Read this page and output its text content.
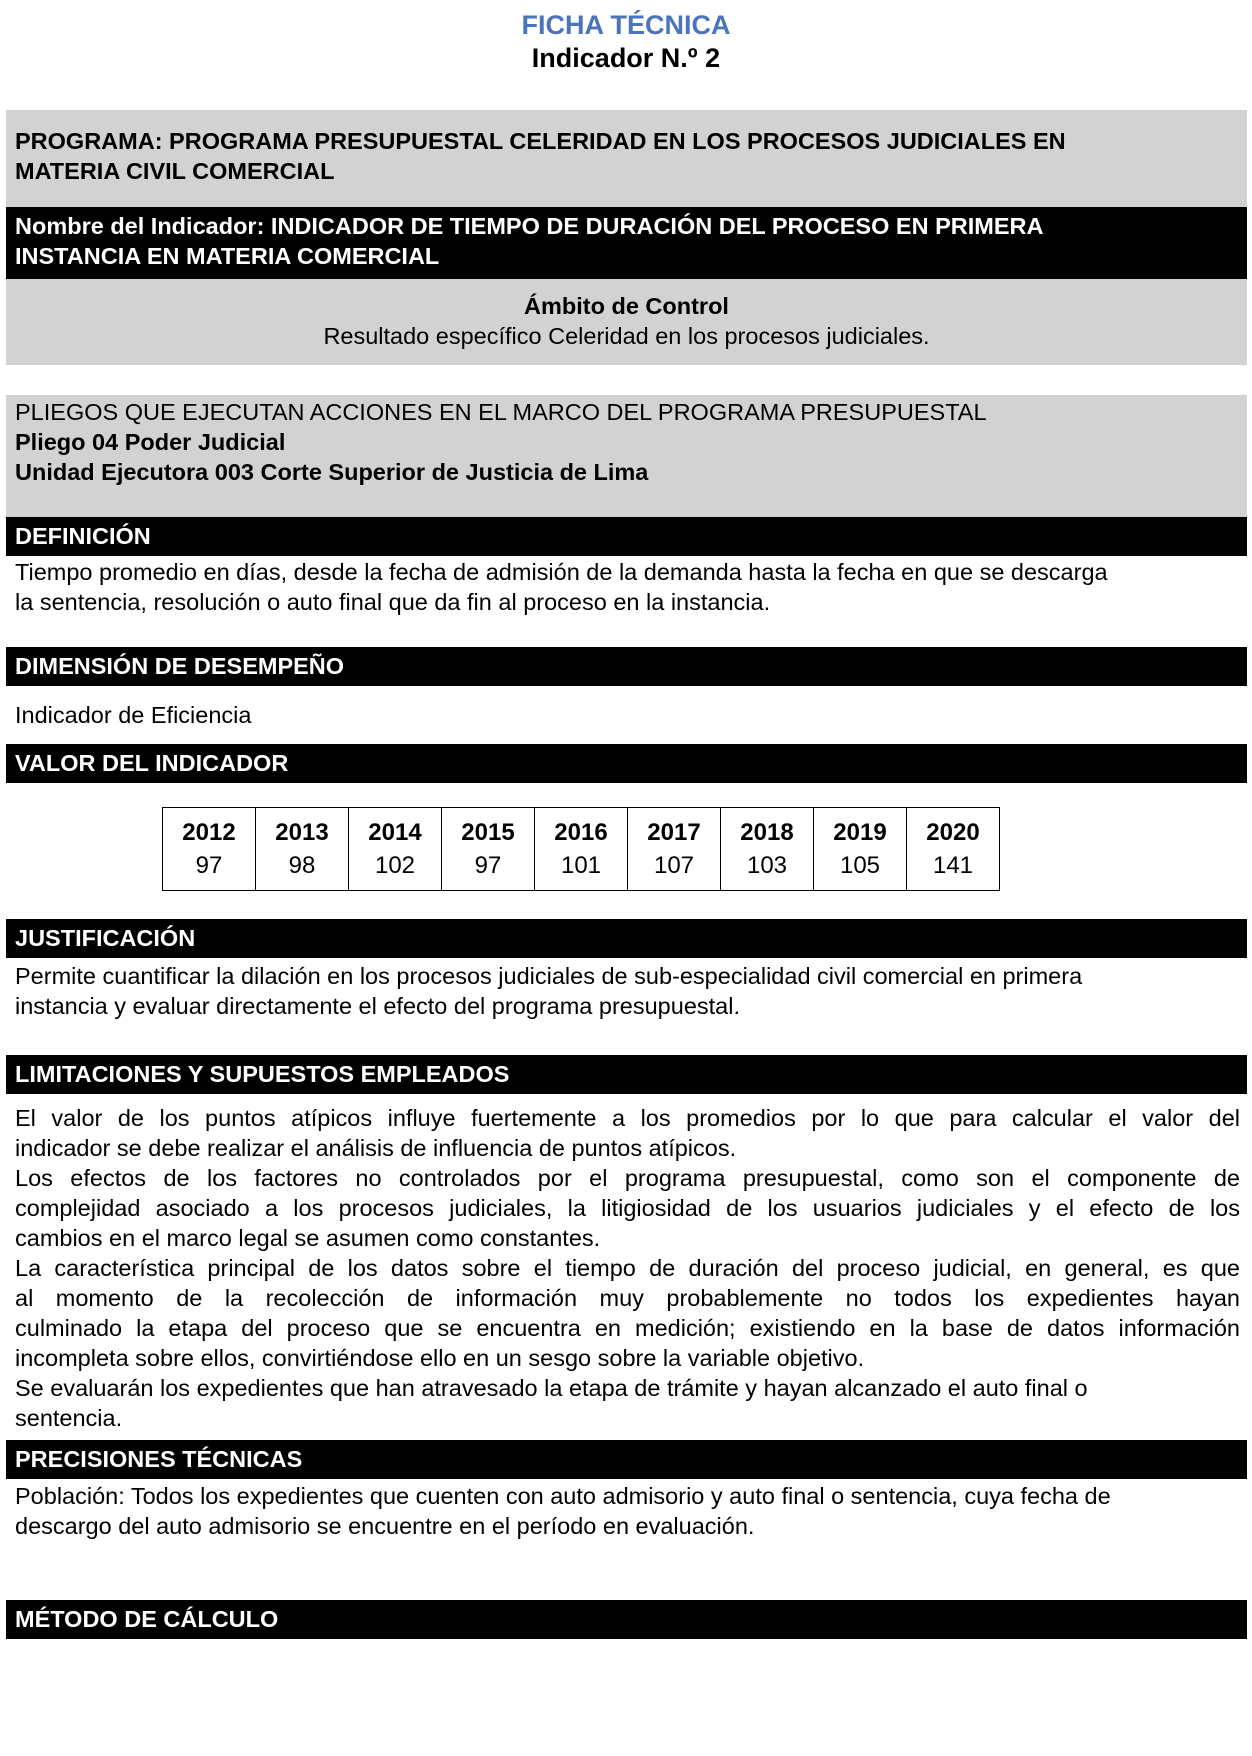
FICHA TÉCNICA
Indicador N.º 2
PROGRAMA: PROGRAMA PRESUPUESTAL CELERIDAD EN LOS PROCESOS JUDICIALES EN
MATERIA CIVIL COMERCIAL
Nombre del Indicador: INDICADOR DE TIEMPO DE DURACIÓN DEL PROCESO EN PRIMERA
INSTANCIA EN MATERIA COMERCIAL
Ámbito de Control
Resultado específico Celeridad en los procesos judiciales.
PLIEGOS QUE EJECUTAN ACCIONES EN EL MARCO DEL PROGRAMA PRESUPUESTAL
Pliego 04 Poder Judicial
Unidad Ejecutora 003 Corte Superior de Justicia de Lima
DEFINICIÓN
Tiempo promedio en días, desde la fecha de admisión de la demanda hasta la fecha en que se descarga
la sentencia, resolución o auto final que da fin al proceso en la instancia.
DIMENSIÓN DE DESEMPEÑO
Indicador de Eficiencia
VALOR DEL INDICADOR
2012	2013	2014	2015	2016	2017	2018	2019	2020
97	98	102	97	101	107	103	105	141
JUSTIFICACIÓN
Permite cuantificar la dilación en los procesos judiciales de sub-especialidad civil comercial en primera
instancia y evaluar directamente el efecto del programa presupuestal.
LIMITACIONES Y SUPUESTOS EMPLEADOS
El valor de los puntos atípicos influye fuertemente a los promedios por lo que para calcular el valor del
indicador se debe realizar el análisis de influencia de puntos atípicos.
Los efectos de los factores no controlados por el programa presupuestal, como son el componente de
complejidad asociado a los procesos judiciales, la litigiosidad de los usuarios judiciales y el efecto de los
cambios en el marco legal se asumen como constantes.
La característica principal de los datos sobre el tiempo de duración del proceso judicial, en general, es que
al momento de la recolección de información muy probablemente no todos los expedientes hayan
culminado la etapa del proceso que se encuentra en medición; existiendo en la base de datos información
incompleta sobre ellos, convirtiéndose ello en un sesgo sobre la variable objetivo.
Se evaluarán los expedientes que han atravesado la etapa de trámite y hayan alcanzado el auto final o
sentencia.
PRECISIONES TÉCNICAS
Población: Todos los expedientes que cuenten con auto admisorio y auto final o sentencia, cuya fecha de
descargo del auto admisorio se encuentre en el período en evaluación.
MÉTODO DE CÁLCULO
